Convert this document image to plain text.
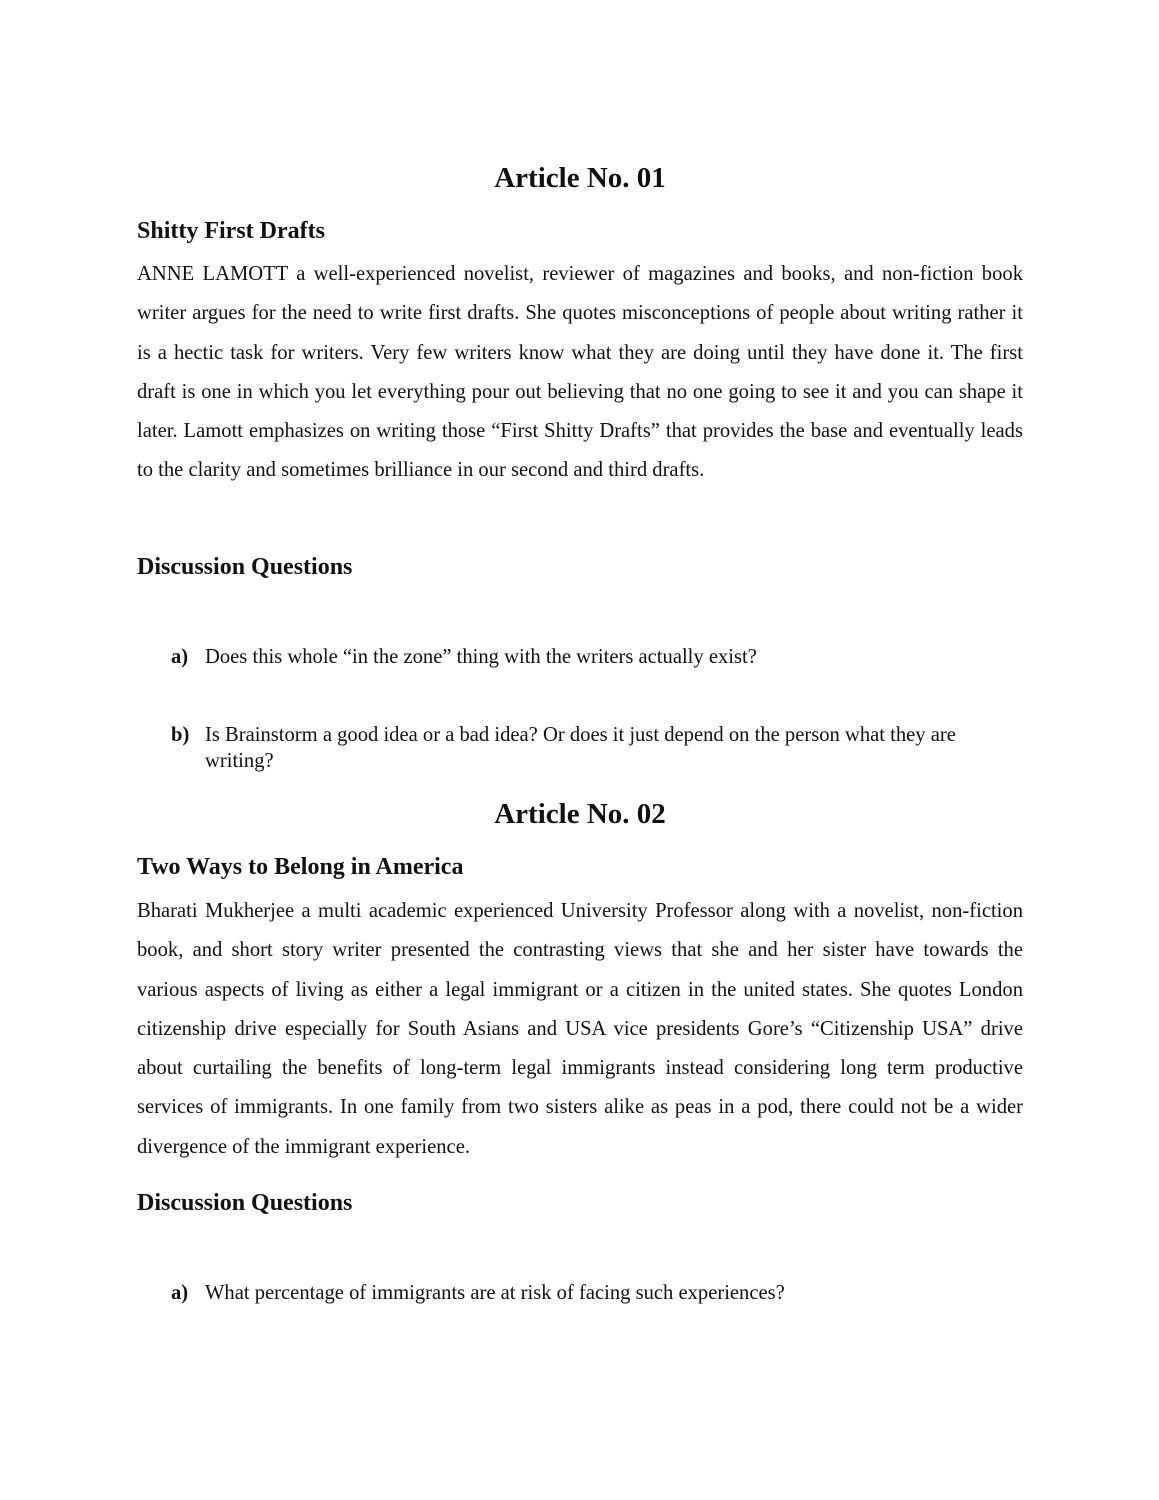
Article No. 01
Shitty First Drafts

ANNE LAMOTT a well-experienced novelist, reviewer of magazines and books, and non-fiction book writer argues for the need to write first drafts. She quotes misconceptions of people about writing rather it is a hectic task for writers. Very few writers know what they are doing until they have done it. The first draft is one in which you let everything pour out believing that no one going to see it and you can shape it later. Lamott emphasizes on writing those “First Shitty Drafts” that provides the base and eventually leads to the clarity and sometimes brilliance in our second and third drafts.

Discussion Questions
a) Does this whole “in the zone” thing with the writers actually exist?
b) Is Brainstorm a good idea or a bad idea? Or does it just depend on the person what they are writing?
Article No. 02
Two Ways to Belong in America

Bharati Mukherjee a multi academic experienced University Professor along with a novelist, non-fiction book, and short story writer presented the contrasting views that she and her sister have towards the various aspects of living as either a legal immigrant or a citizen in the united states. She quotes London citizenship drive especially for South Asians and USA vice presidents Gore’s “Citizenship USA” drive about curtailing the benefits of long-term legal immigrants instead considering long term productive services of immigrants. In one family from two sisters alike as peas in a pod, there could not be a wider divergence of the immigrant experience.

Discussion Questions
a) What percentage of immigrants are at risk of facing such experiences?
